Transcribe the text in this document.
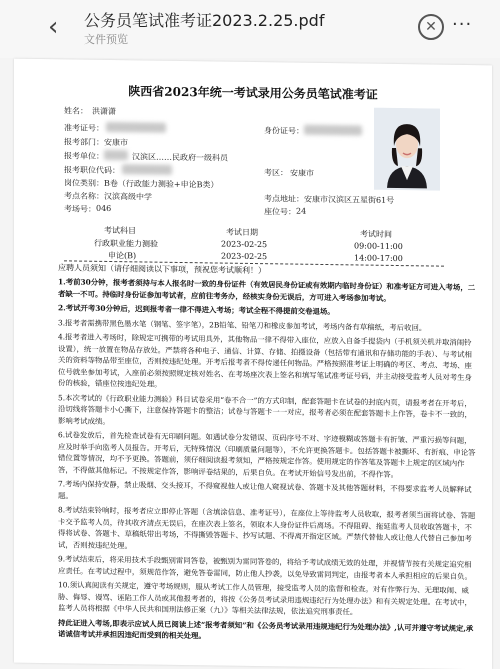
‹ 公务员笔试准考证2023.2.25.pdf
文件预览
✕ ···
陕西省2023年统一考试录用公务员笔试准考证
姓名： 洪潇潇
准考证号：	身份证号：
报考部门： 安康市
报考单位：	汉滨区……民政府一级科员
报考职位代码：	考区： 安康市
岗位类别： B卷（行政能力测验+申论B类）
考点名称： 汉滨高级中学	考点地址： 安康市汉滨区五星街61号
考场号： 046	座位号： 24
考试科目	考试日期	考试时间
行政职业能力测验	2023-02-25	09:00-11:00
申论(B)	2023-02-25	14:00-17:00
应聘人员须知（请仔细阅读以下事项，预祝您考试顺利！）

1.考前30分钟，报考者须持与本人报名时一致的身份证件（有效居民身份证或有效期内临时身份证）和准考证方可进入考场，二者缺一不可。持临时身份证参加考试者，应前往考务办，经核实身份无误后，方可进入考场参加考试。

2.考试开考30分钟后，迟到报考者一律不得进入考场；考试全程不得提前交卷退场。

3.报考者需携带黑色墨水笔（钢笔、签字笔），2B铅笔、铅笔刀和橡皮参加考试，考场内备有草稿纸，考后收回。

4.报考者进入考场时，除规定可携带的考试用具外，其他物品一律不得带入座位，应放入自备手提袋内（手机须关机并取消闹铃设置），统一放置在物品存放处。严禁将各种电子、通信、计算、存储、拍摄设备（包括带有通讯和存储功能的手表）、与考试相关的资料等物品带至座位，否则按违纪处理。开考后报考者不得传递任何物品。严格按照准考证上明确的考区、考点、考场、座位号就坐参加考试，入座前必须按照规定核对姓名、在考场座次表上签名和填写笔试准考证号码，并主动接受监考人员对考生身份的核验，错座位按违纪处理。

5.本次考试的《行政职业能力测验》科目试卷采用“卷不合一”的方式印制，配套答题卡在试卷的封底内页，请报考者在开考后，沿切线将答题卡小心撕下，注意保持答题卡的整洁；试卷与答题卡一一对应，报考者必须在配套答题卡上作答，卷卡不一致的，影响考试成绩。

6.试卷发放后，首先检查试卷有无印刷问题。如遇试卷分发错误、页码序号不对、字迹模糊或答题卡有折皱、严重污损等问题，应及时举手向监考人员报告。开考后，无特殊情况（印刷质量问题等），不允许更换答题卡。包括答题卡被撕坏、有折痕、申论答错位置等情况，均不予更换。答题前，须仔细阅读报考须知，严格按规定作答。使用规定的作答笔及答题卡上规定的区域内作答，不得做其他标记。不按规定作答，影响评卷结果的，后果自负。在考试开始信号发出前，不得作答。

7.考场内保持安静，禁止吸烟、交头接耳，不得窥视他人或让他人窥视试卷、答题卡及其他答题材料，不得要求监考人员解释试题。

8.考试结束铃响时，报考者应立即停止答题（含填涂信息、准考证号），在座位上等待监考人员收取，报考者须当面将试卷、答题卡交予监考人员，待其收齐清点无误后，在座次表上签名，领取本人身份证件后离场。不得阻碍、拖延监考人员收取答题卡，不得将试卷、答题卡、草稿纸带出考场，不得撕毁答题卡、抄写试题、不得离开指定区域。严禁代替他人或让他人代替自己参加考试，否则按违纪处理。

9.考试结束后，将采用技术手段甄别雷同答卷，被甄别为雷同答卷的，将给予考试成绩无效的处理，并视情节按有关规定追究相应责任。在考试过程中，须规范作答，避免答卷雷同，防止他人抄袭，以免导致雷同判定，由报考者本人承担相应的后果自负。

10.须认真阅读有关规定，遵守考场规则，服从考试工作人员管理，接受监考人员的监督和检查。对有作弊行为、无理取闹、威胁、侮辱、谩骂、诬陷工作人员或其他报考者的，将按《公务员考试录用违规违纪行为处理办法》和有关规定处理。在考试中，监考人员将根据《中华人民共和国刑法修正案（九）》等相关法律法规，依法追究刑事责任。

持此证进入考场,即表示应试人员已阅读上述“报考者须知”和《公务员考试录用违规违纪行为处理办法》,认可并遵守考试规定,承诺诚信考试并承担因违纪而受到的相关处理。
